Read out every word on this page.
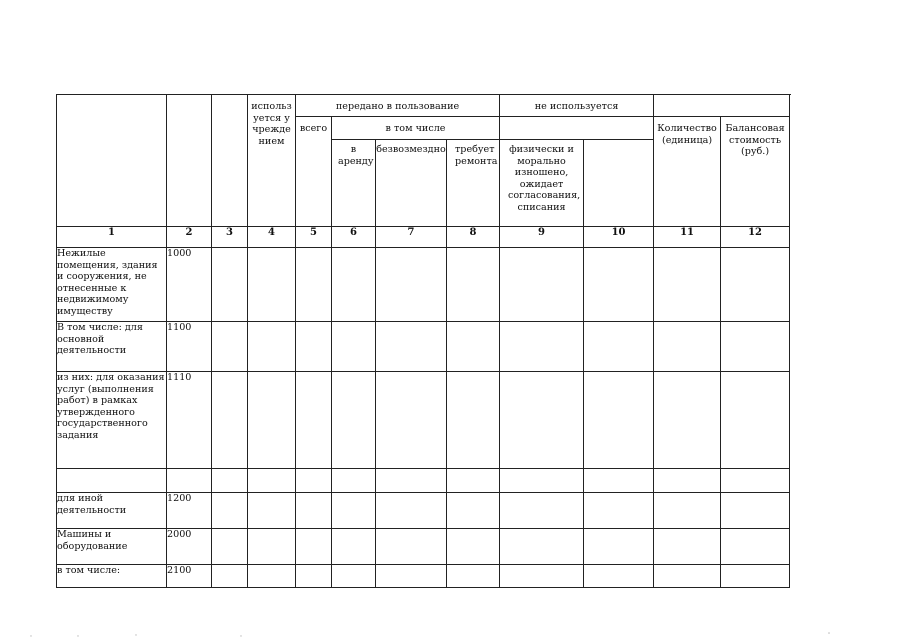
			используется учреждением	передано в пользование				не используется				
				всего	в том числе					Количество (единица)	Балансовая стоимость (руб.)	
					в аренду	безвозмездно	требует ремонта	физически и морально изношено, ожидает согласования, списания				
1	2	3	4	5	6	7	8	9	10	11	12	
Нежилые помещения, здания и сооружения, не отнесенные к недвижимому имуществу	1000											
В том числе: для основной деятельности	1100											
из них: для оказания услуг (выполнения работ) в рамках утвержденного государственного задания	1110											

для иной деятельности	1200											
Машины и оборудование	2000											
в том числе:	2100											
